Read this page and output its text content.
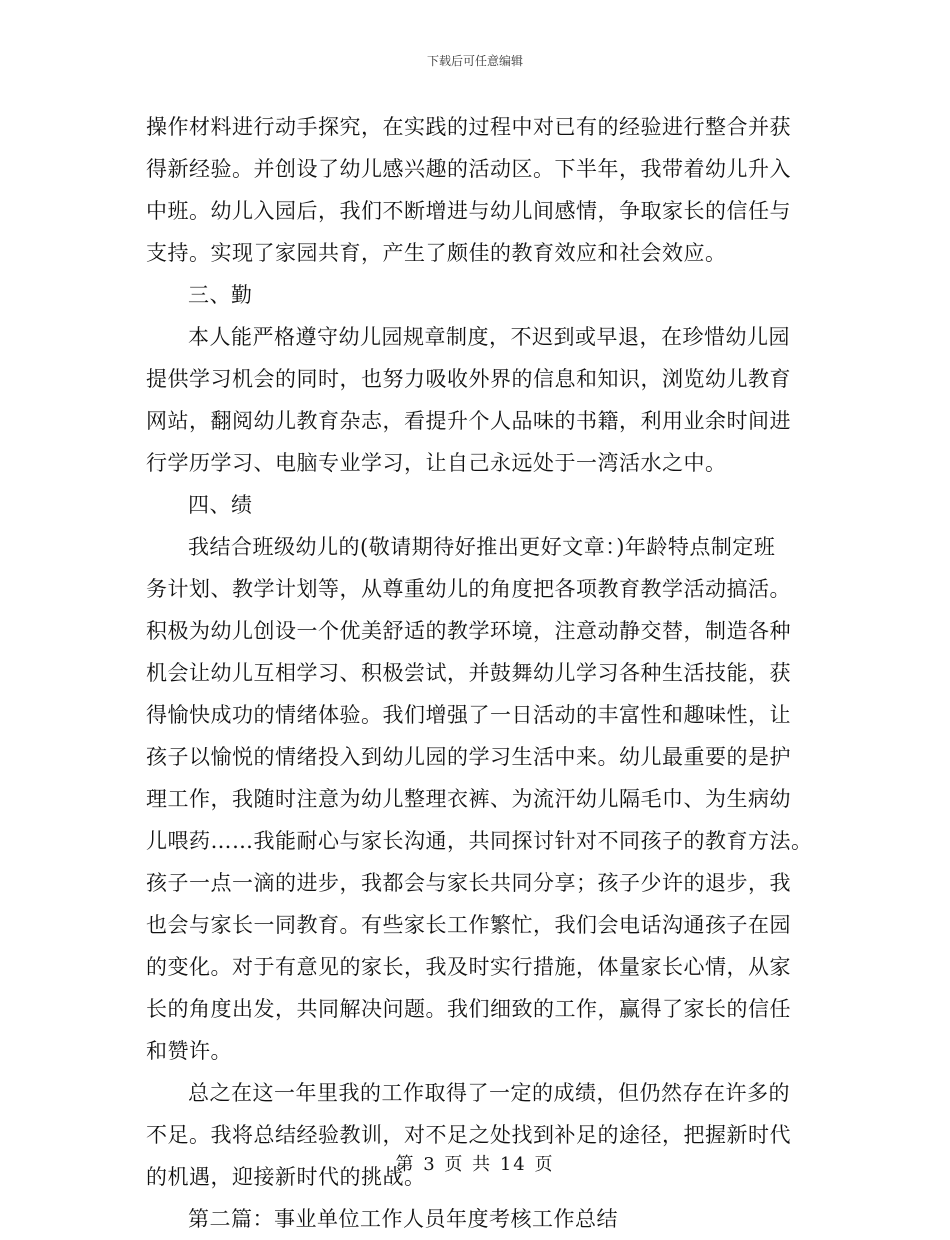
下载后可任意编辑
操作材料进行动手探究，在实践的过程中对已有的经验进行整合并获
得新经验。并创设了幼儿感兴趣的活动区。下半年，我带着幼儿升入
中班。幼儿入园后，我们不断增进与幼儿间感情，争取家长的信任与
支持。实现了家园共育，产生了颇佳的教育效应和社会效应。
三、勤
本人能严格遵守幼儿园规章制度，不迟到或早退，在珍惜幼儿园
提供学习机会的同时，也努力吸收外界的信息和知识，浏览幼儿教育
网站，翻阅幼儿教育杂志，看提升个人品味的书籍，利用业余时间进
行学历学习、电脑专业学习，让自己永远处于一湾活水之中。
四、绩
我结合班级幼儿的(敬请期待好推出更好文章：)年龄特点制定班
务计划、教学计划等，从尊重幼儿的角度把各项教育教学活动搞活。
积极为幼儿创设一个优美舒适的教学环境，注意动静交替，制造各种
机会让幼儿互相学习、积极尝试，并鼓舞幼儿学习各种生活技能，获
得愉快成功的情绪体验。我们增强了一日活动的丰富性和趣味性，让
孩子以愉悦的情绪投入到幼儿园的学习生活中来。幼儿最重要的是护
理工作，我随时注意为幼儿整理衣裤、为流汗幼儿隔毛巾、为生病幼
儿喂药……我能耐心与家长沟通，共同探讨针对不同孩子的教育方法。
孩子一点一滴的进步，我都会与家长共同分享；孩子少许的退步，我
也会与家长一同教育。有些家长工作繁忙，我们会电话沟通孩子在园
的变化。对于有意见的家长，我及时实行措施，体量家长心情，从家
长的角度出发，共同解决问题。我们细致的工作，赢得了家长的信任
和赞许。
总之在这一年里我的工作取得了一定的成绩，但仍然存在许多的
不足。我将总结经验教训，对不足之处找到补足的途径，把握新时代
的机遇，迎接新时代的挑战。
第二篇：事业单位工作人员年度考核工作总结
第 3 页 共 14 页
